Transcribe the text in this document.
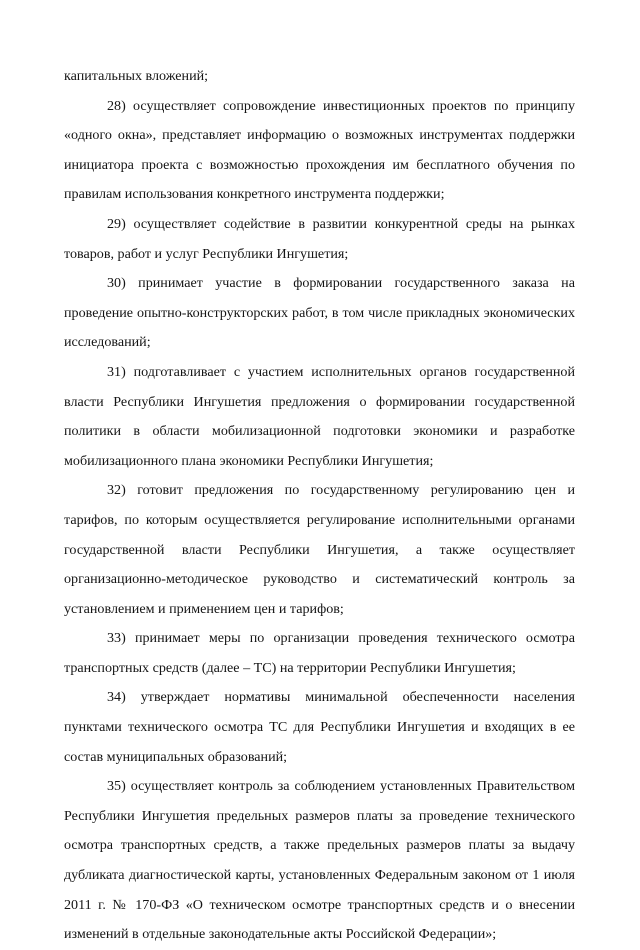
капитальных вложений;
28) осуществляет сопровождение инвестиционных проектов по принципу
«одного окна», представляет информацию о возможных инструментах поддержки
инициатора проекта с возможностью прохождения им бесплатного обучения по
правилам использования конкретного инструмента поддержки;
29) осуществляет содействие в развитии конкурентной среды на рынках
товаров, работ и услуг Республики Ингушетия;
30) принимает участие в формировании государственного заказа на
проведение опытно-конструкторских работ, в том числе прикладных экономических
исследований;
31) подготавливает с участием исполнительных органов государственной
власти Республики Ингушетия предложения о формировании государственной
политики в области мобилизационной подготовки экономики и разработке
мобилизационного плана экономики Республики Ингушетия;
32) готовит предложения по государственному регулированию цен и
тарифов, по которым осуществляется регулирование исполнительными органами
государственной власти Республики Ингушетия, а также осуществляет
организационно-методическое руководство и систематический контроль за
установлением и применением цен и тарифов;
33) принимает меры по организации проведения технического осмотра
транспортных средств (далее – ТС) на территории Республики Ингушетия;
34) утверждает нормативы минимальной обеспеченности населения
пунктами технического осмотра ТС для Республики Ингушетия и входящих в ее
состав муниципальных образований;
35) осуществляет контроль за соблюдением установленных Правительством
Республики Ингушетия предельных размеров платы за проведение технического
осмотра транспортных средств, а также предельных размеров платы за выдачу
дубликата диагностической карты, установленных Федеральным законом от 1 июля
2011 г. № 170-ФЗ «О техническом осмотре транспортных средств и о внесении
изменений в отдельные законодательные акты Российской Федерации»;
